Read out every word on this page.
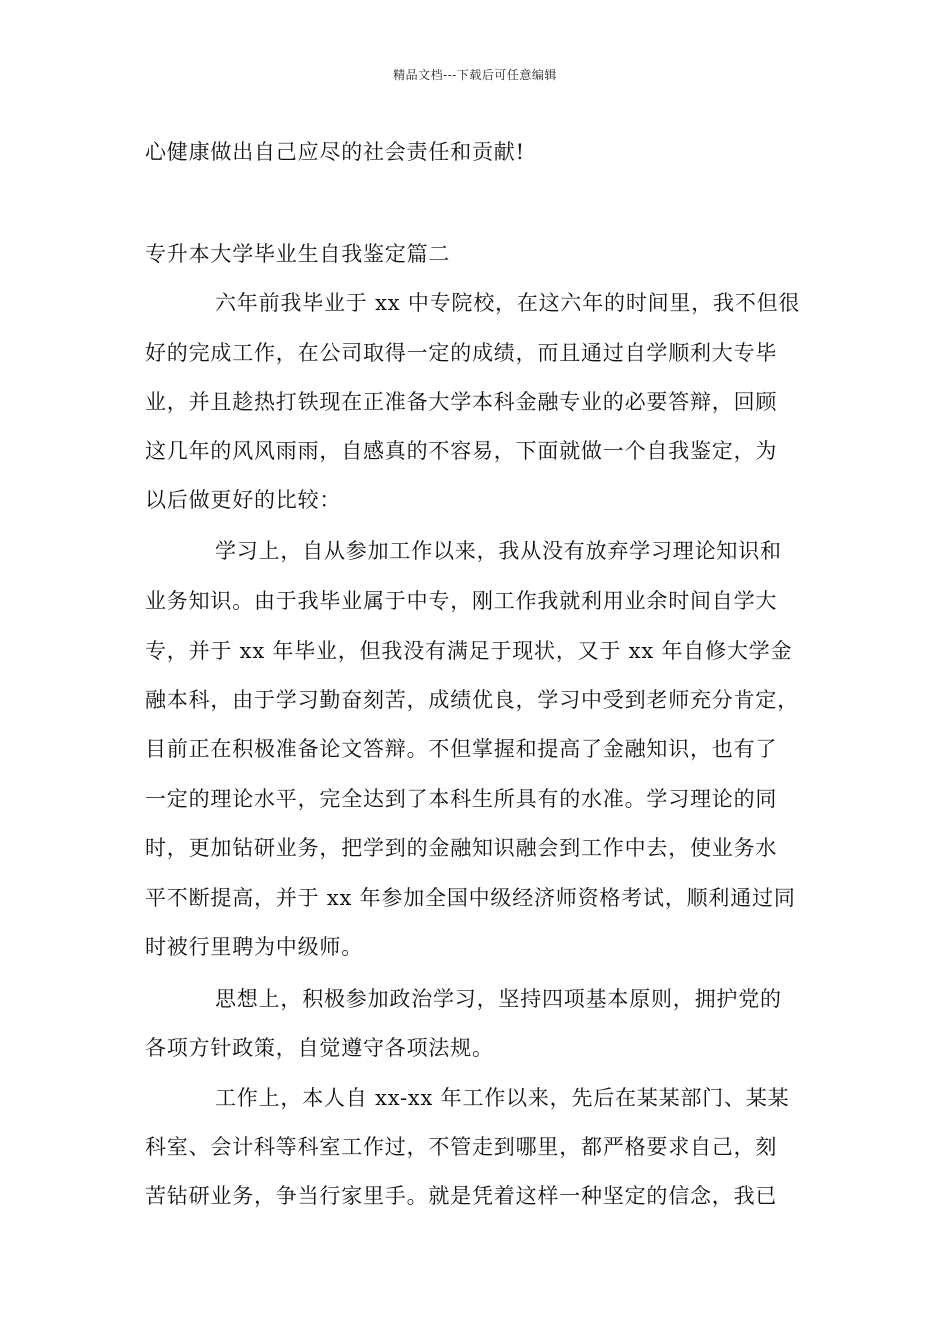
精品文档---下载后可任意编辑
心健康做出自己应尽的社会责任和贡献!
专升本大学毕业生自我鉴定篇二
六年前我毕业于 xx 中专院校，在这六年的时间里，我不但很
好的完成工作，在公司取得一定的成绩，而且通过自学顺利大专毕
业，并且趁热打铁现在正准备大学本科金融专业的必要答辩，回顾
这几年的风风雨雨，自感真的不容易，下面就做一个自我鉴定，为
以后做更好的比较：
学习上，自从参加工作以来，我从没有放弃学习理论知识和
业务知识。由于我毕业属于中专，刚工作我就利用业余时间自学大
专，并于 xx 年毕业，但我没有满足于现状，又于 xx 年自修大学金
融本科，由于学习勤奋刻苦，成绩优良，学习中受到老师充分肯定，
目前正在积极准备论文答辩。不但掌握和提高了金融知识，也有了
一定的理论水平，完全达到了本科生所具有的水准。学习理论的同
时，更加钻研业务，把学到的金融知识融会到工作中去，使业务水
平不断提高，并于 xx 年参加全国中级经济师资格考试，顺利通过同
时被行里聘为中级师。
思想上，积极参加政治学习，坚持四项基本原则，拥护党的
各项方针政策，自觉遵守各项法规。
工作上，本人自 xx-xx 年工作以来，先后在某某部门、某某
科室、会计科等科室工作过，不管走到哪里，都严格要求自己，刻
苦钻研业务，争当行家里手。就是凭着这样一种坚定的信念，我已
